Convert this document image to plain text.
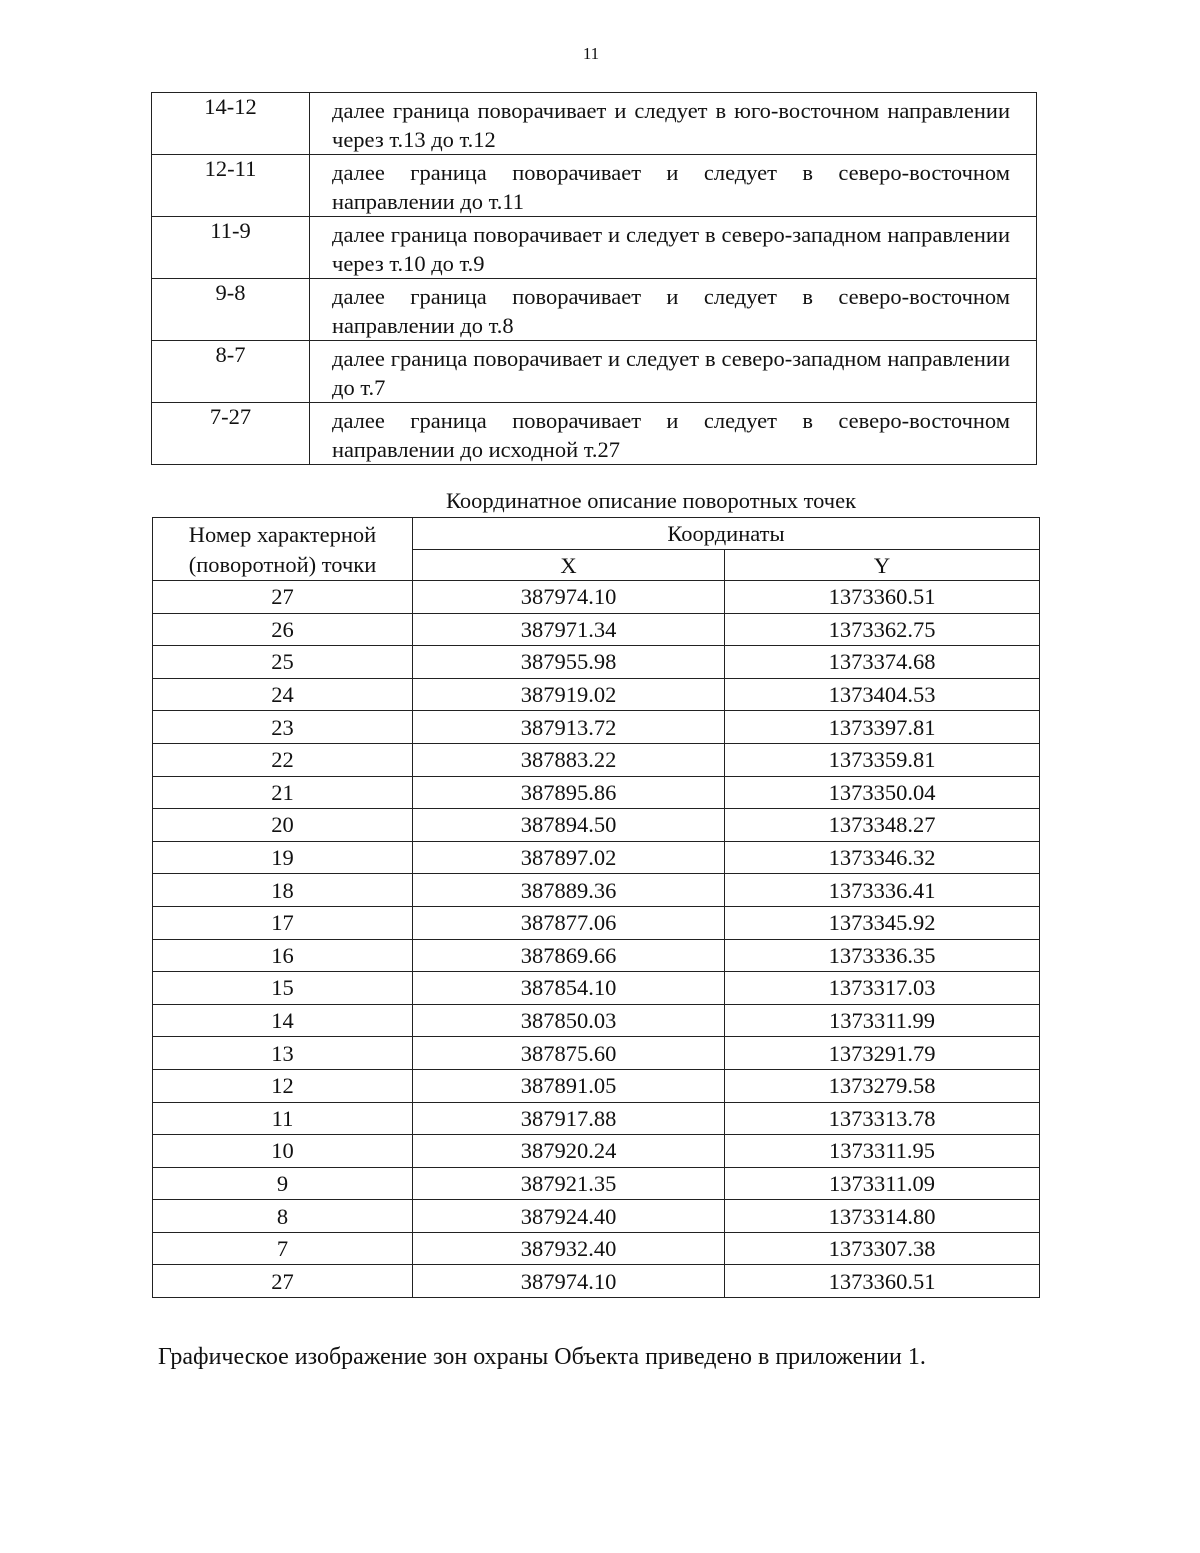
11
14-12	далее граница поворачивает и следует в юго-восточном направлении через т.13 до т.12
12-11	далее граница поворачивает и следует в северо-восточном направлении до т.11
11-9	далее граница поворачивает и следует в северо-западном направлении через т.10 до т.9
9-8	далее граница поворачивает и следует в северо-восточном направлении до т.8
8-7	далее граница поворачивает и следует в северо-западном направлении до т.7
7-27	далее граница поворачивает и следует в северо-восточном направлении до исходной т.27

Координатное описание поворотных точек

Номер характерной
(поворотной) точки	Координаты	
	X	Y
27	387974.10	1373360.51
26	387971.34	1373362.75
25	387955.98	1373374.68
24	387919.02	1373404.53
23	387913.72	1373397.81
22	387883.22	1373359.81
21	387895.86	1373350.04
20	387894.50	1373348.27
19	387897.02	1373346.32
18	387889.36	1373336.41
17	387877.06	1373345.92
16	387869.66	1373336.35
15	387854.10	1373317.03
14	387850.03	1373311.99
13	387875.60	1373291.79
12	387891.05	1373279.58
11	387917.88	1373313.78
10	387920.24	1373311.95
9	387921.35	1373311.09
8	387924.40	1373314.80
7	387932.40	1373307.38
27	387974.10	1373360.51

Графическое изображение зон охраны Объекта приведено в приложении 1.
